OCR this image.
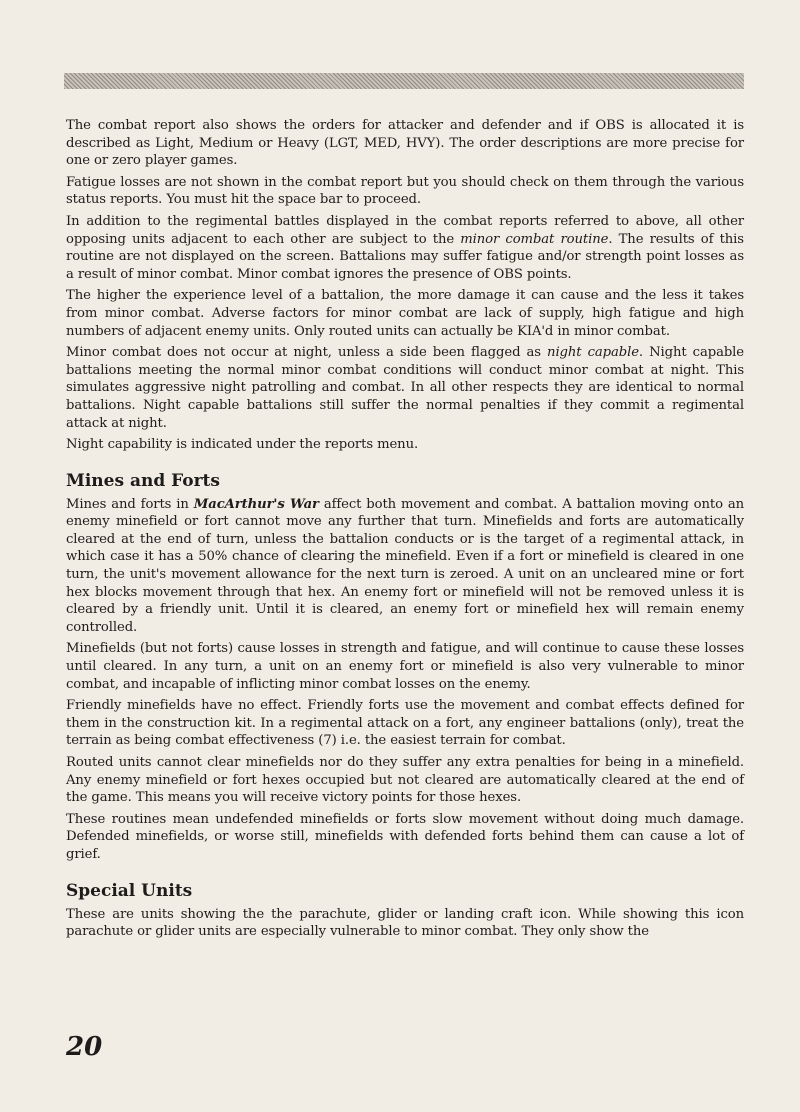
The combat report also shows the orders for attacker and defender and if OBS is allocated it is described as Light, Medium or Heavy (LGT, MED, HVY). The order descriptions are more precise for one or zero player games.

Fatigue losses are not shown in the combat report but you should check on them through the various status reports. You must hit the space bar to proceed.

In addition to the regimental battles displayed in the combat reports referred to above, all other opposing units adjacent to each other are subject to the minor combat routine. The results of this routine are not displayed on the screen. Battalions may suffer fatigue and/or strength point losses as a result of minor combat. Minor combat ignores the presence of OBS points.

The higher the experience level of a battalion, the more damage it can cause and the less it takes from minor combat. Adverse factors for minor combat are lack of supply, high fatigue and high numbers of adjacent enemy units. Only routed units can actually be KIA'd in minor combat.

Minor combat does not occur at night, unless a side been flagged as night capable. Night capable battalions meeting the normal minor combat conditions will conduct minor combat at night. This simulates aggressive night patrolling and combat. In all other respects they are identical to normal battalions. Night capable battalions still suffer the normal penalties if they commit a regimental attack at night.

Night capability is indicated under the reports menu.

Mines and Forts

Mines and forts in MacArthur's War affect both movement and combat. A battalion moving onto an enemy minefield or fort cannot move any further that turn. Minefields and forts are automatically cleared at the end of turn, unless the battalion conducts or is the target of a regimental attack, in which case it has a 50% chance of clearing the minefield. Even if a fort or minefield is cleared in one turn, the unit's movement allowance for the next turn is zeroed. A unit on an uncleared mine or fort hex blocks movement through that hex. An enemy fort or minefield will not be removed unless it is cleared by a friendly unit. Until it is cleared, an enemy fort or minefield hex will remain enemy controlled.

Minefields (but not forts) cause losses in strength and fatigue, and will continue to cause these losses until cleared. In any turn, a unit on an enemy fort or minefield is also very vulnerable to minor combat, and incapable of inflicting minor combat losses on the enemy.

Friendly minefields have no effect. Friendly forts use the movement and combat effects defined for them in the construction kit. In a regimental attack on a fort, any engineer battalions (only), treat the terrain as being combat effectiveness (7) i.e. the easiest terrain for combat.

Routed units cannot clear minefields nor do they suffer any extra penalties for being in a minefield. Any enemy minefield or fort hexes occupied but not cleared are automatically cleared at the end of the game. This means you will receive victory points for those hexes.

These routines mean undefended minefields or forts slow movement without doing much damage. Defended minefields, or worse still, minefields with defended forts behind them can cause a lot of grief.

Special Units

These are units showing the the parachute, glider or landing craft icon. While showing this icon parachute or glider units are especially vulnerable to minor combat. They only show the

20
